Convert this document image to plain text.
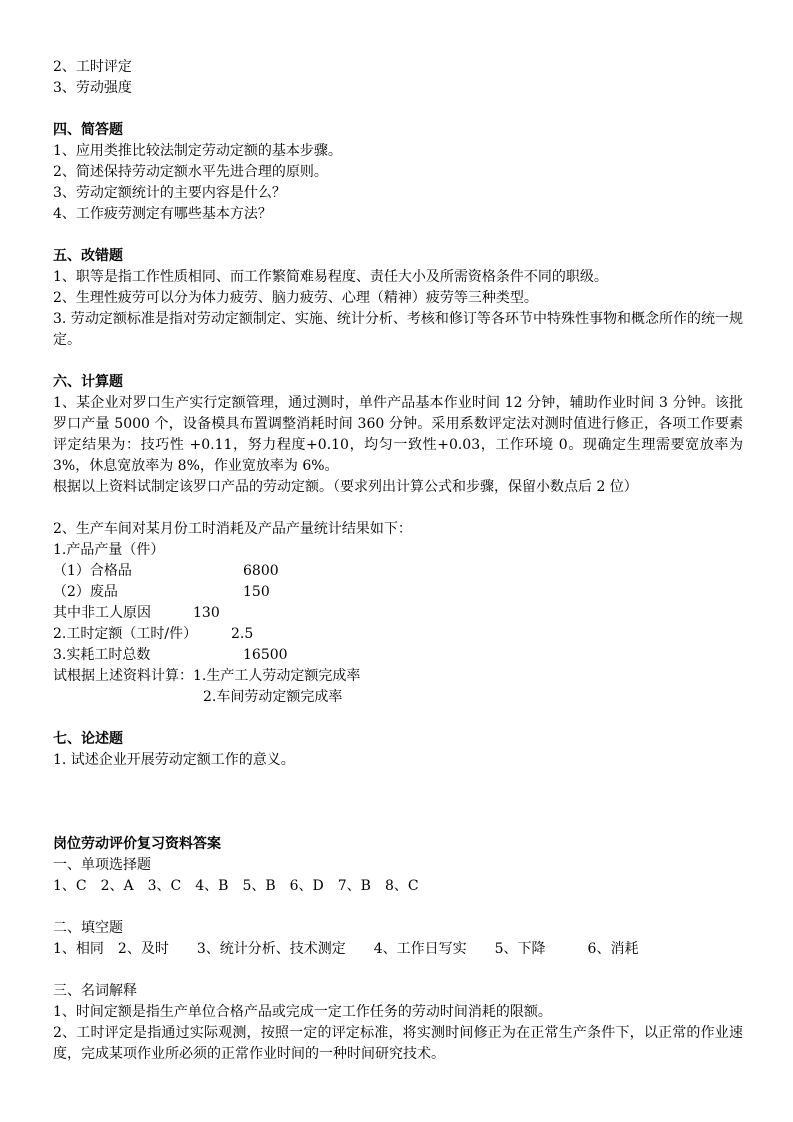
2、工时评定
3、劳动强度
四、简答题
1、应用类推比较法制定劳动定额的基本步骤。
2、简述保持劳动定额水平先进合理的原则。
3、劳动定额统计的主要内容是什么？
4、工作疲劳测定有哪些基本方法？
五、改错题
1、职等是指工作性质相同、而工作繁简难易程度、责任大小及所需资格条件不同的职级。
2、生理性疲劳可以分为体力疲劳、脑力疲劳、心理（精神）疲劳等三种类型。
3. 劳动定额标准是指对劳动定额制定、实施、统计分析、考核和修订等各环节中特殊性事物和概念所作的统一规定。
六、计算题
1、某企业对罗口生产实行定额管理，通过测时，单件产品基本作业时间 12 分钟，辅助作业时间 3 分钟。该批罗口产量 5000 个，设备模具布置调整消耗时间 360 分钟。采用系数评定法对测时值进行修正，各项工作要素评定结果为：技巧性 +0.11，努力程度+0.10，均匀一致性+0.03，工作环境 0。现确定生理需要宽放率为 3%，休息宽放率为 8%，作业宽放率为 6%。
根据以上资料试制定该罗口产品的劳动定额。（要求列出计算公式和步骤，保留小数点后 2 位）
2、生产车间对某月份工时消耗及产品产量统计结果如下：
1.产品产量（件）
（1）合格品	6800
（2）废品	150
其中非工人原因	130
2.工时定额（工时/件）	2.5
3.实耗工时总数	16500
试根据上述资料计算：1.生产工人劳动定额完成率
2.车间劳动定额完成率
七、论述题
1. 试述企业开展劳动定额工作的意义。
岗位劳动评价复习资料答案
一、单项选择题
1、C　2、A　3、C　4、B　5、B　6、D　7、B　8、C
二、填空题
1、相同　2、及时　　3、统计分析、技术测定　　4、工作日写实　　5、下降　　　6、消耗
三、名词解释
1、时间定额是指生产单位合格产品或完成一定工作任务的劳动时间消耗的限额。
2、工时评定是指通过实际观测，按照一定的评定标准，将实测时间修正为在正常生产条件下，以正常的作业速度，完成某项作业所必须的正常作业时间的一种时间研究技术。
